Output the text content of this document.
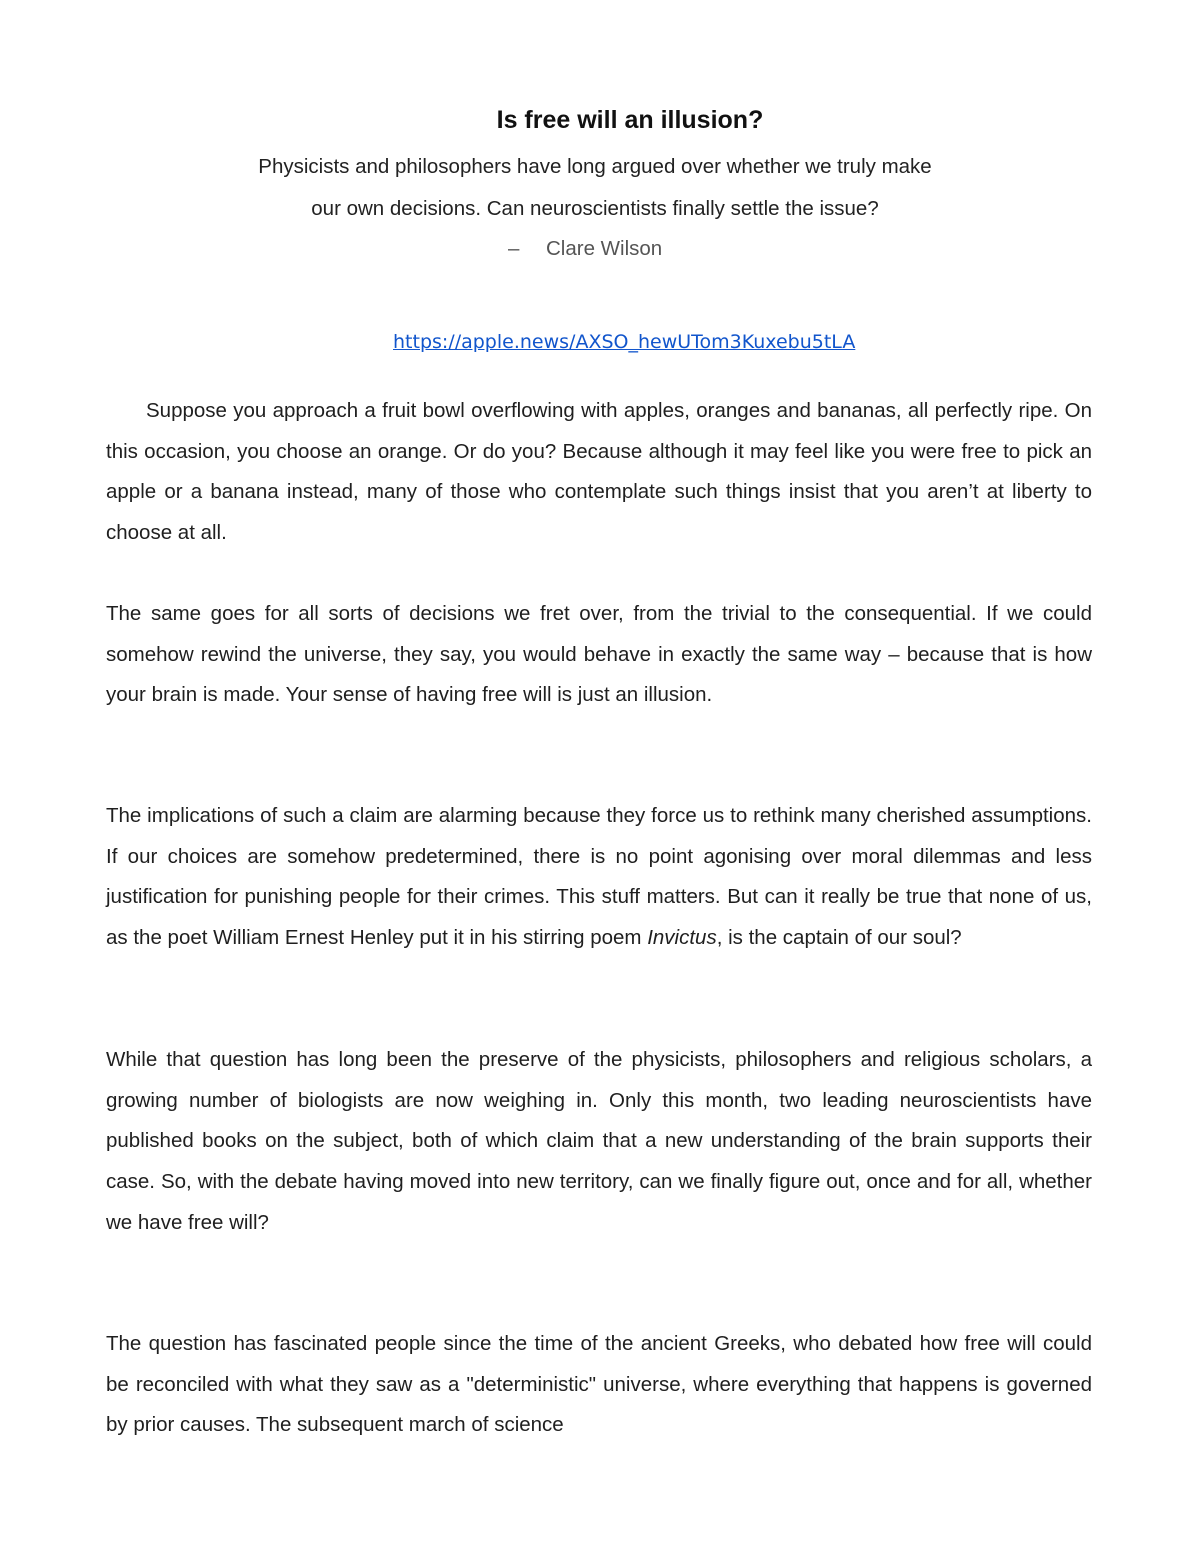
Is free will an illusion?

Physicists and philosophers have long argued over whether we truly make

our own decisions. Can neuroscientists finally settle the issue?

– Clare Wilson

https://apple.news/AXSO_hewUTom3Kuxebu5tLA

Suppose you approach a fruit bowl overflowing with apples, oranges and bananas, all perfectly ripe. On this occasion, you choose an orange. Or do you? Because although it may feel like you were free to pick an apple or a banana instead, many of those who contemplate such things insist that you aren’t at liberty to choose at all.

The same goes for all sorts of decisions we fret over, from the trivial to the consequential. If we could somehow rewind the universe, they say, you would behave in exactly the same way – because that is how your brain is made. Your sense of having free will is just an illusion.

The implications of such a claim are alarming because they force us to rethink many cherished assumptions. If our choices are somehow predetermined, there is no point agonising over moral dilemmas and less justification for punishing people for their crimes. This stuff matters. But can it really be true that none of us, as the poet William Ernest Henley put it in his stirring poem Invictus, is the captain of our soul?

While that question has long been the preserve of the physicists, philosophers and religious scholars, a growing number of biologists are now weighing in. Only this month, two leading neuroscientists have published books on the subject, both of which claim that a new understanding of the brain supports their case. So, with the debate having moved into new territory, can we finally figure out, once and for all, whether we have free will?

The question has fascinated people since the time of the ancient Greeks, who debated how free will could be reconciled with what they saw as a "deterministic" universe, where everything that happens is governed by prior causes. The subsequent march of science
